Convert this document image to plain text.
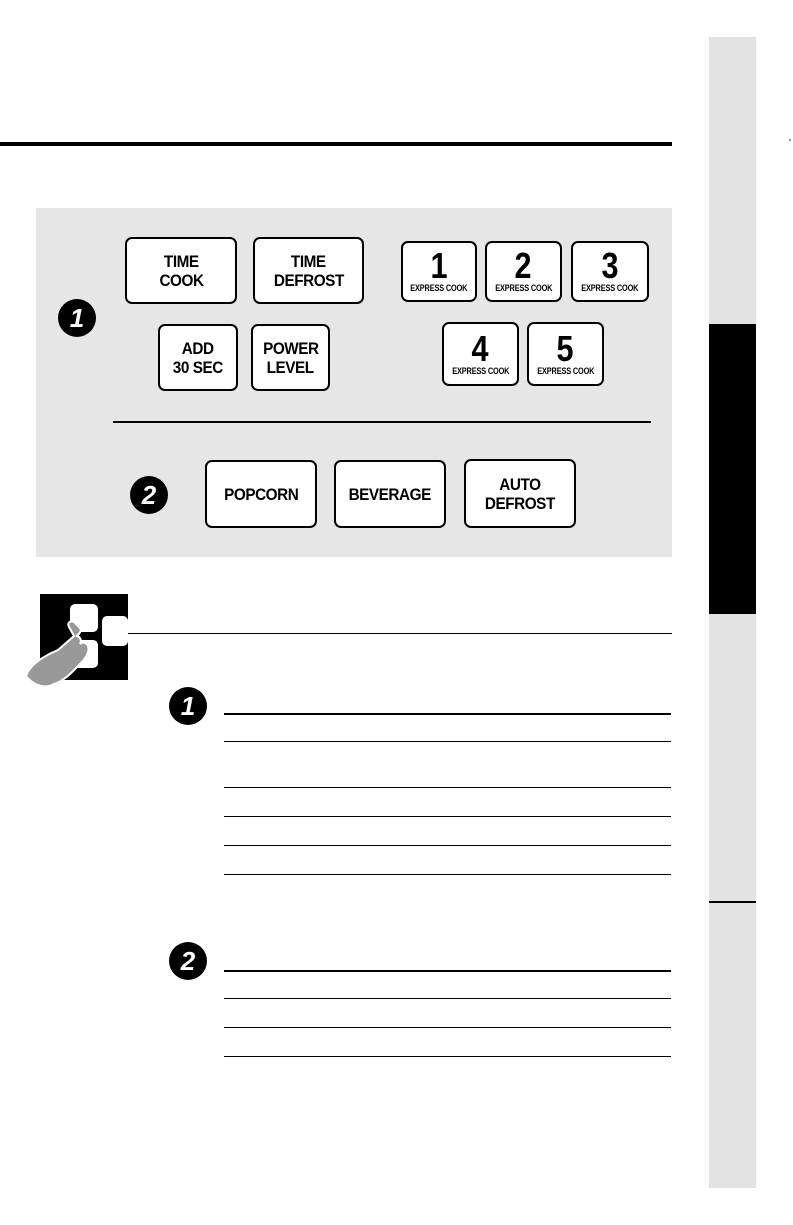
'
1
TIME
COOK
TIME
DEFROST
ADD
30 SEC
POWER
LEVEL
1
EXPRESS COOK
2
EXPRESS COOK
3
EXPRESS COOK
4
EXPRESS COOK
5
EXPRESS COOK
2	POPCORN	BEVERAGE
AUTO
DEFROST
1
2
